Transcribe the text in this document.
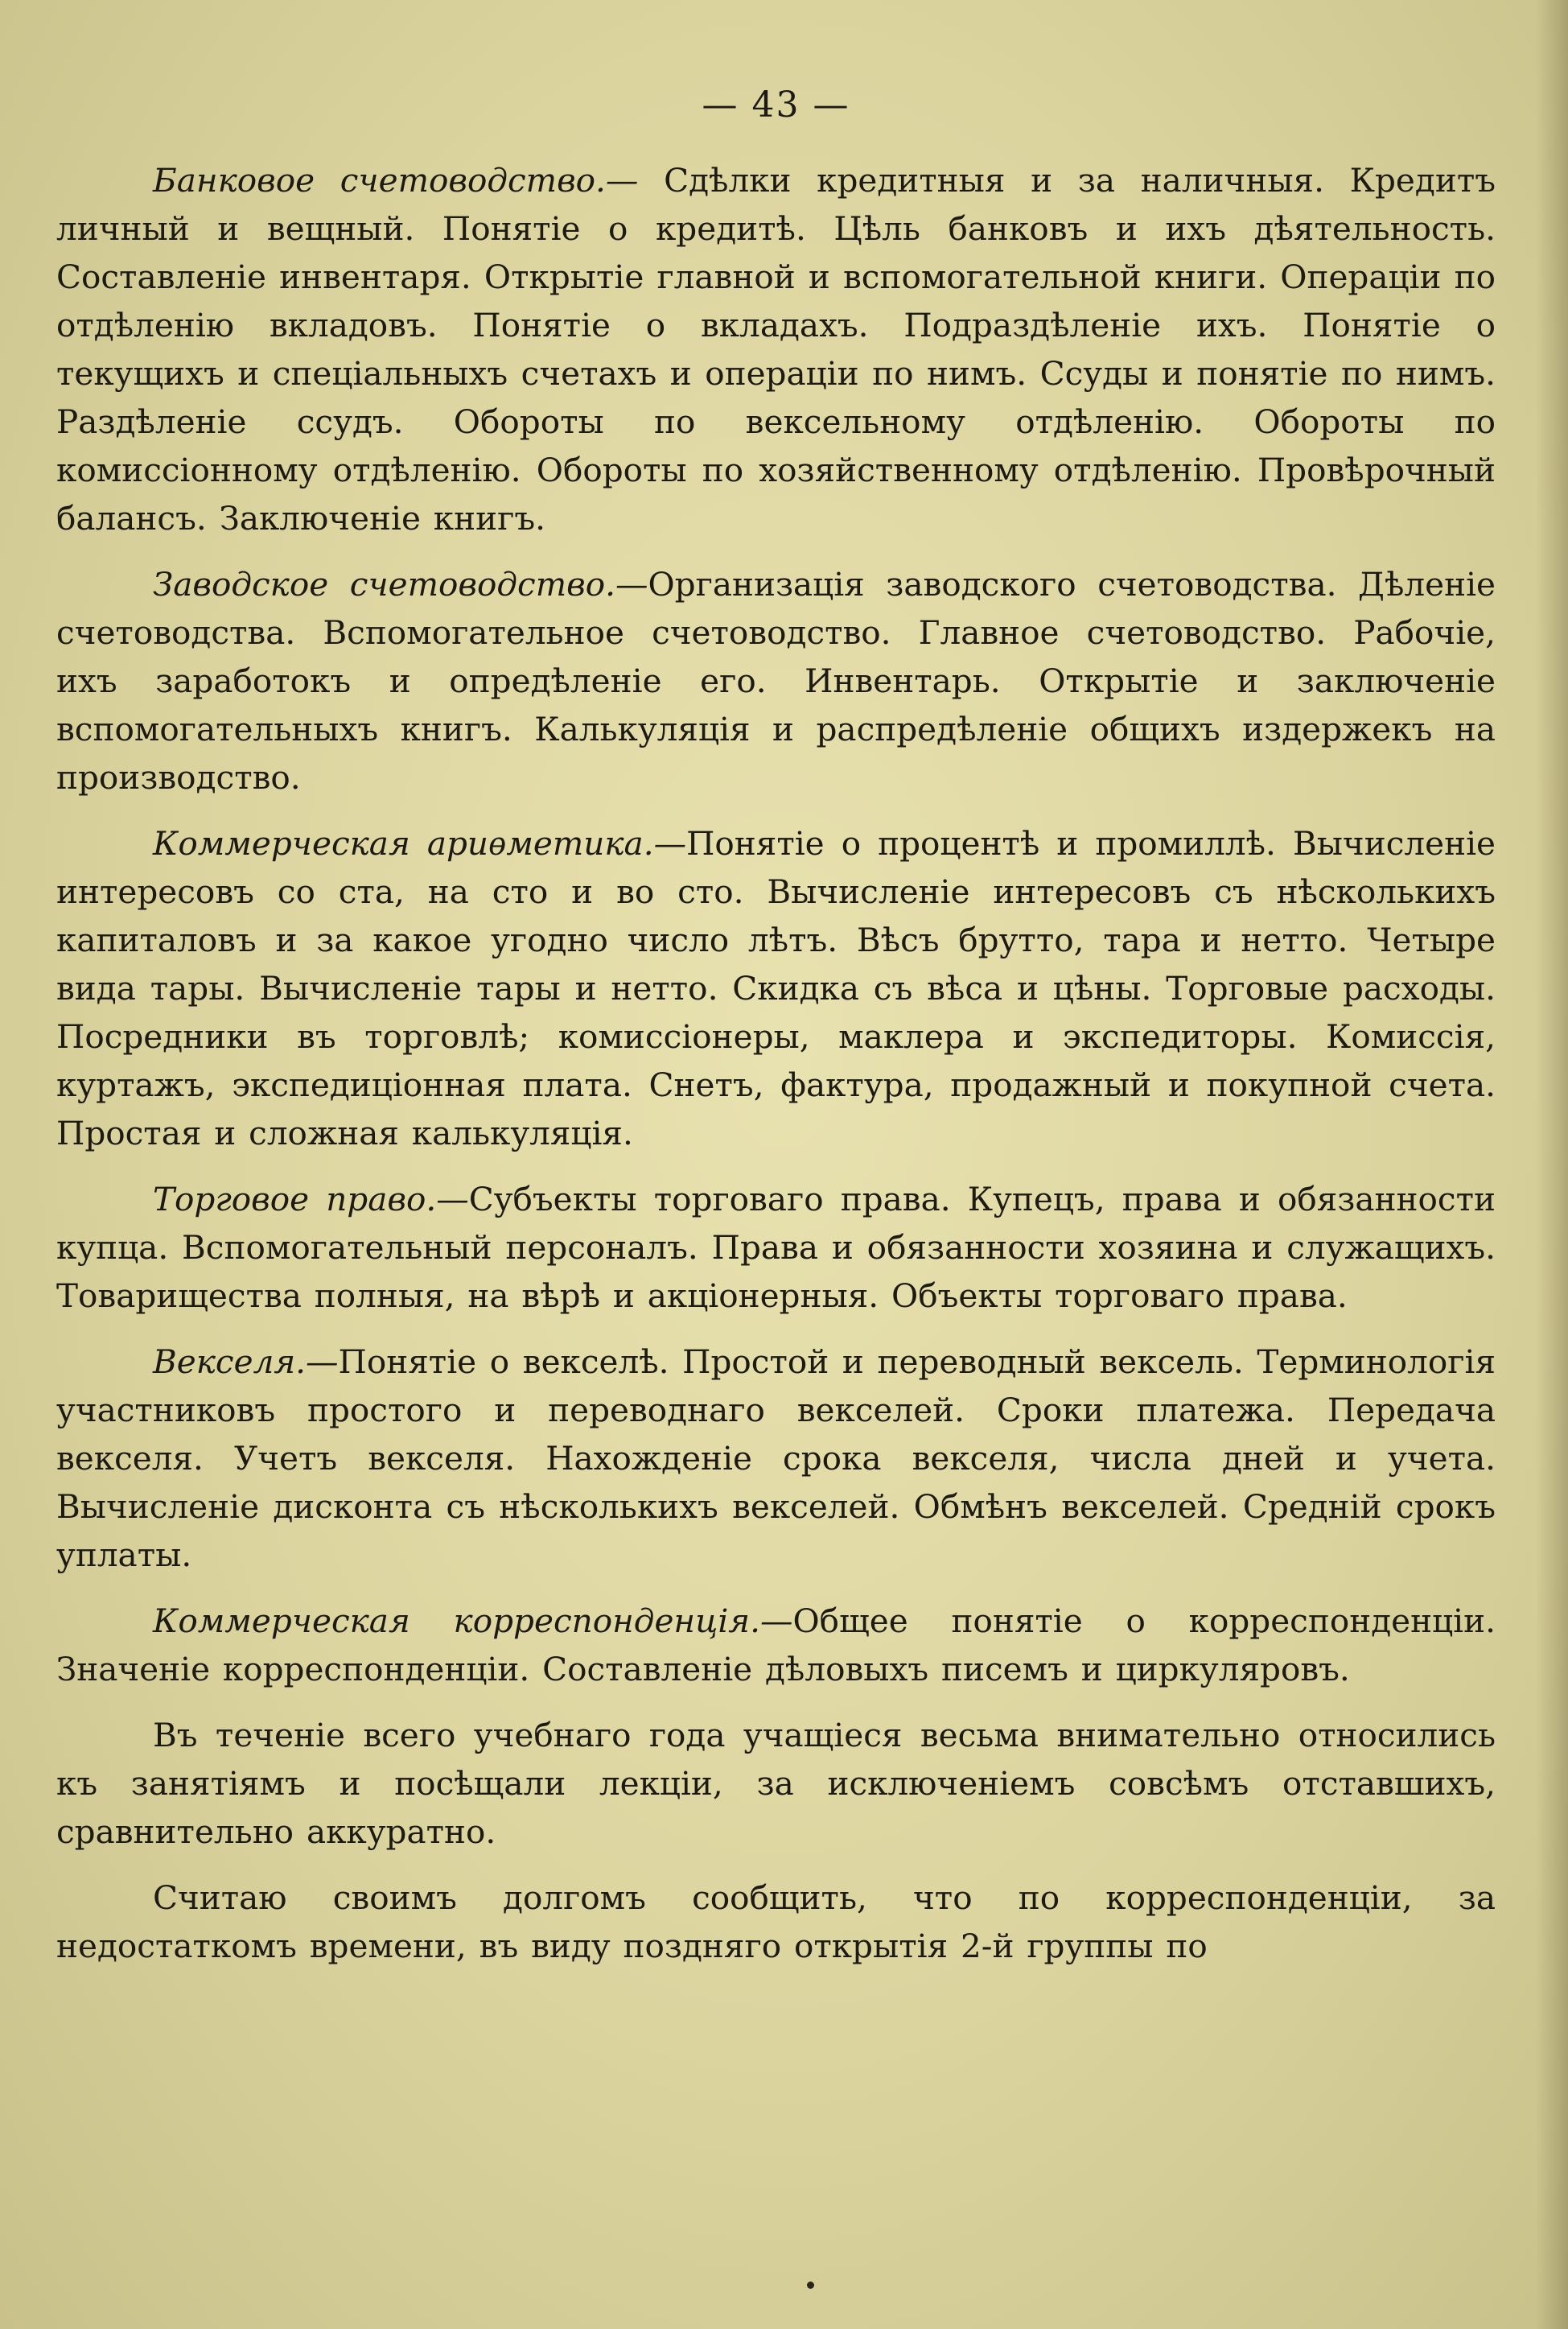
— 43 —

Банковое счетоводство.— Сдѣлки кредитныя и за наличныя. Кредитъ личный и вещный. Понятіе о кредитѣ. Цѣль банковъ и ихъ дѣятельность. Составленіе инвентаря. Открытіе главной и вспомогательной книги. Операціи по отдѣленію вкладовъ. Понятіе о вкладахъ. Подраздѣленіе ихъ. Понятіе о текущихъ и спеціальныхъ счетахъ и операціи по нимъ. Ссуды и понятіе по нимъ. Раздѣленіе ссудъ. Обороты по вексельному отдѣленію. Обороты по комиссіонному отдѣленію. Обороты по хозяйственному отдѣленію. Провѣрочный балансъ. Заключеніе книгъ.

Заводское счетоводство.—Организація заводского счетоводства. Дѣленіе счетоводства. Вспомогательное счетоводство. Главное счетоводство. Рабочіе, ихъ заработокъ и опредѣленіе его. Инвентарь. Открытіе и заключеніе вспомогательныхъ книгъ. Калькуляція и распредѣленіе общихъ издержекъ на производство.

Коммерческая ариѳметика.—Понятіе о процентѣ и промиллѣ. Вычисленіе интересовъ со ста, на сто и во сто. Вычисленіе интересовъ съ нѣсколькихъ капиталовъ и за какое угодно число лѣтъ. Вѣсъ брутто, тара и нетто. Четыре вида тары. Вычисленіе тары и нетто. Скидка съ вѣса и цѣны. Торговые расходы. Посредники въ торговлѣ; комиссіонеры, маклера и экспедиторы. Комиссія, куртажъ, экспедиціонная плата. Снетъ, фактура, продажный и покупной счета. Простая и сложная калькуляція.

Торговое право.—Субъекты торговаго права. Купецъ, права и обязанности купца. Вспомогательный персоналъ. Права и обязанности хозяина и служащихъ. Товарищества полныя, на вѣрѣ и акціонерныя. Объекты торговаго права.

Векселя.—Понятіе о векселѣ. Простой и переводный вексель. Терминологія участниковъ простого и переводнаго векселей. Сроки платежа. Передача векселя. Учетъ векселя. Нахожденіе срока векселя, числа дней и учета. Вычисленіе дисконта съ нѣсколькихъ векселей. Обмѣнъ векселей. Средній срокъ уплаты.

Коммерческая корреспонденція.—Общее понятіе о корреспонденціи. Значеніе корреспонденціи. Составленіе дѣловыхъ писемъ и циркуляровъ.

Въ теченіе всего учебнаго года учащіеся весьма внимательно относились къ занятіямъ и посѣщали лекціи, за исключеніемъ совсѣмъ отставшихъ, сравнительно аккуратно.

Считаю своимъ долгомъ сообщить, что по корреспонденціи, за недостаткомъ времени, въ виду поздняго открытія 2-й группы по
